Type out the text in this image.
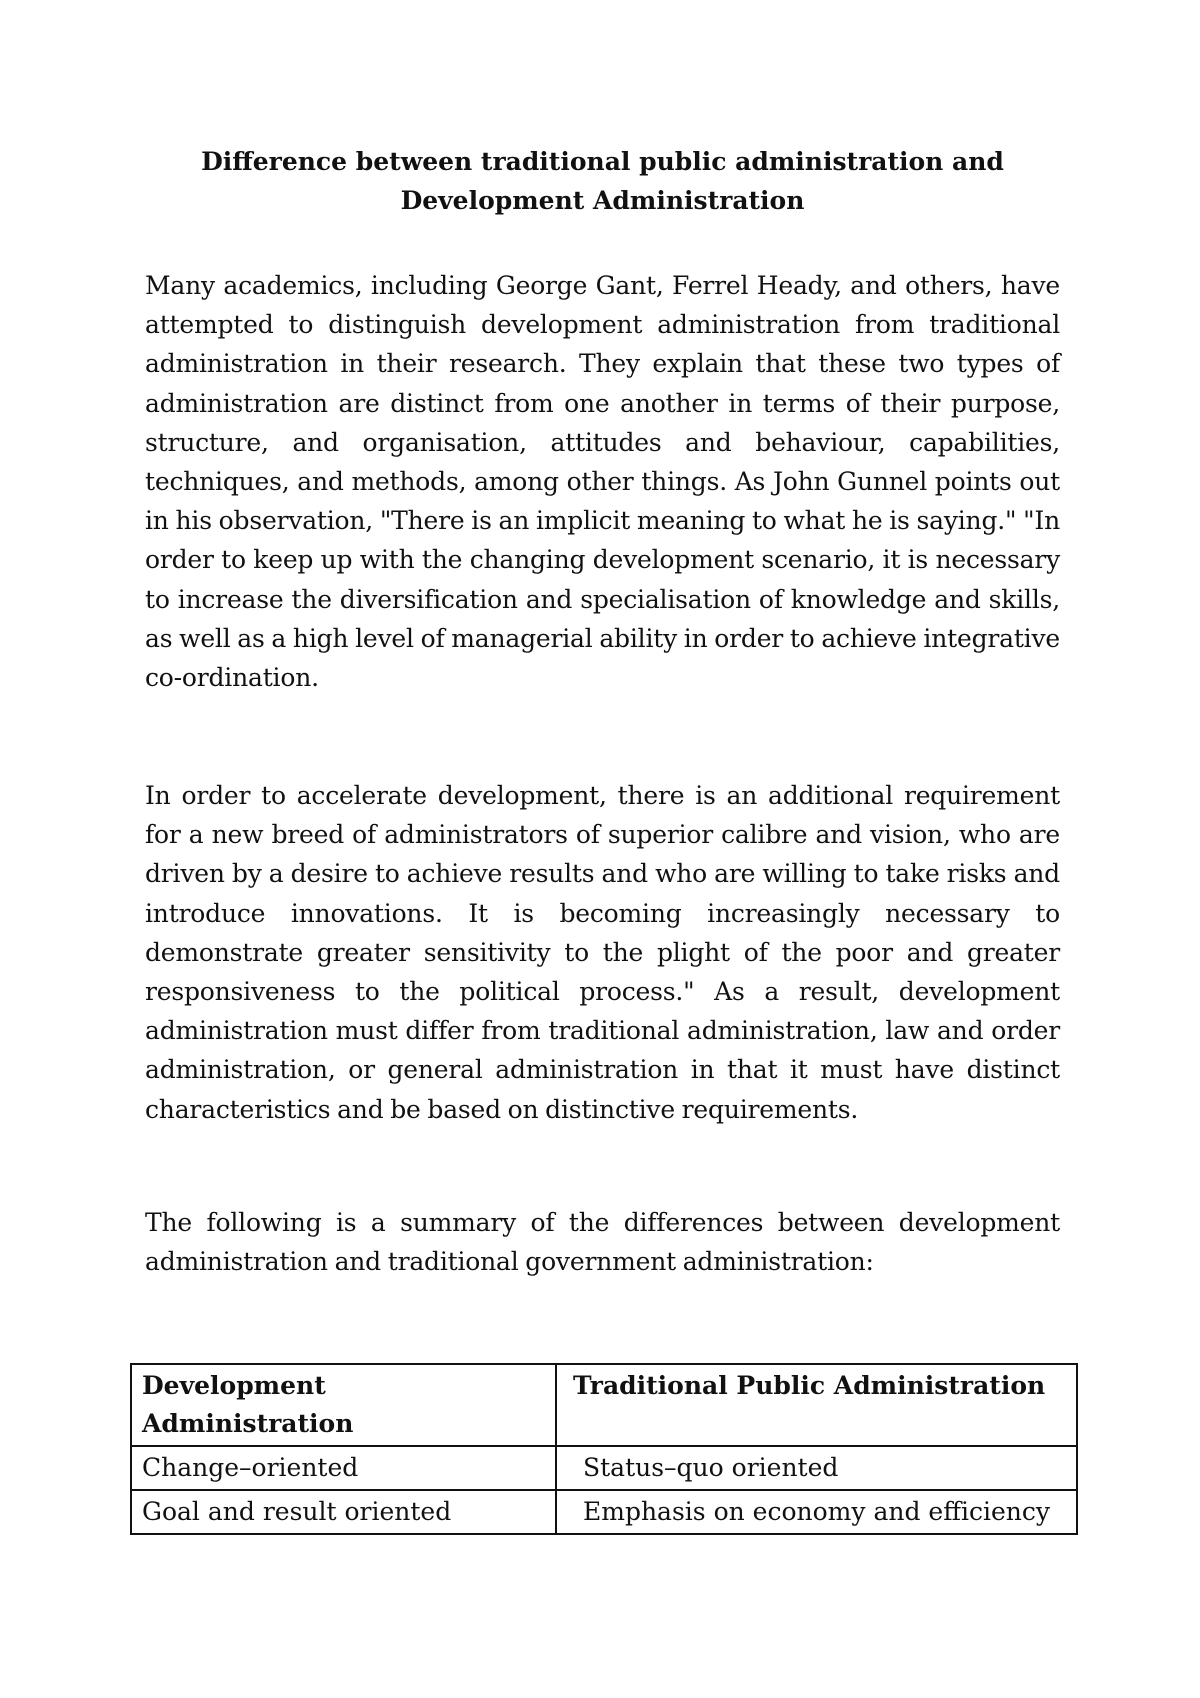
Difference between traditional public administration and
Development Administration

Many academics, including George Gant, Ferrel Heady, and others, have attempted to distinguish development administration from traditional administration in their research. They explain that these two types of administration are distinct from one another in terms of their purpose, structure, and organisation, attitudes and behaviour, capabilities, techniques, and methods, among other things. As John Gunnel points out in his observation, "There is an implicit meaning to what he is saying." "In order to keep up with the changing development scenario, it is necessary to increase the diversification and specialisation of knowledge and skills, as well as a high level of managerial ability in order to achieve integrative co-ordination.

In order to accelerate development, there is an additional requirement for a new breed of administrators of superior calibre and vision, who are driven by a desire to achieve results and who are willing to take risks and introduce innovations. It is becoming increasingly necessary to demonstrate greater sensitivity to the plight of the poor and greater responsiveness to the political process." As a result, development administration must differ from traditional administration, law and order administration, or general administration in that it must have distinct characteristics and be based on distinctive requirements.

The following is a summary of the differences between development administration and traditional government administration:

Development Administration	Traditional Public Administration
Change–oriented	Status–quo oriented
Goal and result oriented	Emphasis on economy and efficiency
